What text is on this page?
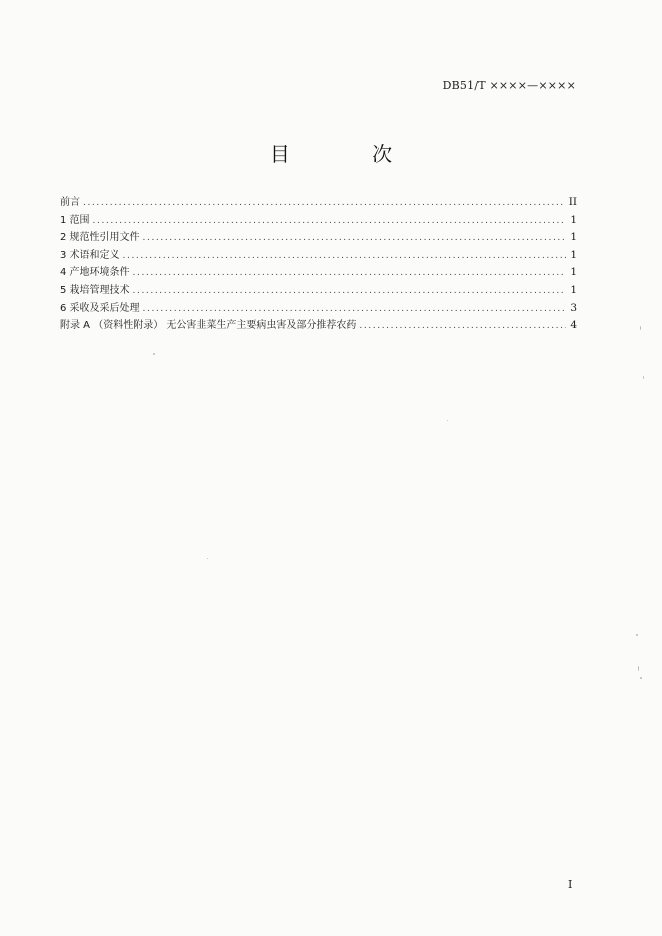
DB51/T ××××—××××
目 次
前言 .....	II
1 范围 .....	1
2 规范性引用文件 .....	1
3 术语和定义 .....	1
4 产地环境条件 .....	1
5 栽培管理技术 .....	1
6 采收及采后处理 .....	3
附录 A （资料性附录） 无公害韭菜生产主要病虫害及部分推荐农药 .....	4
I
